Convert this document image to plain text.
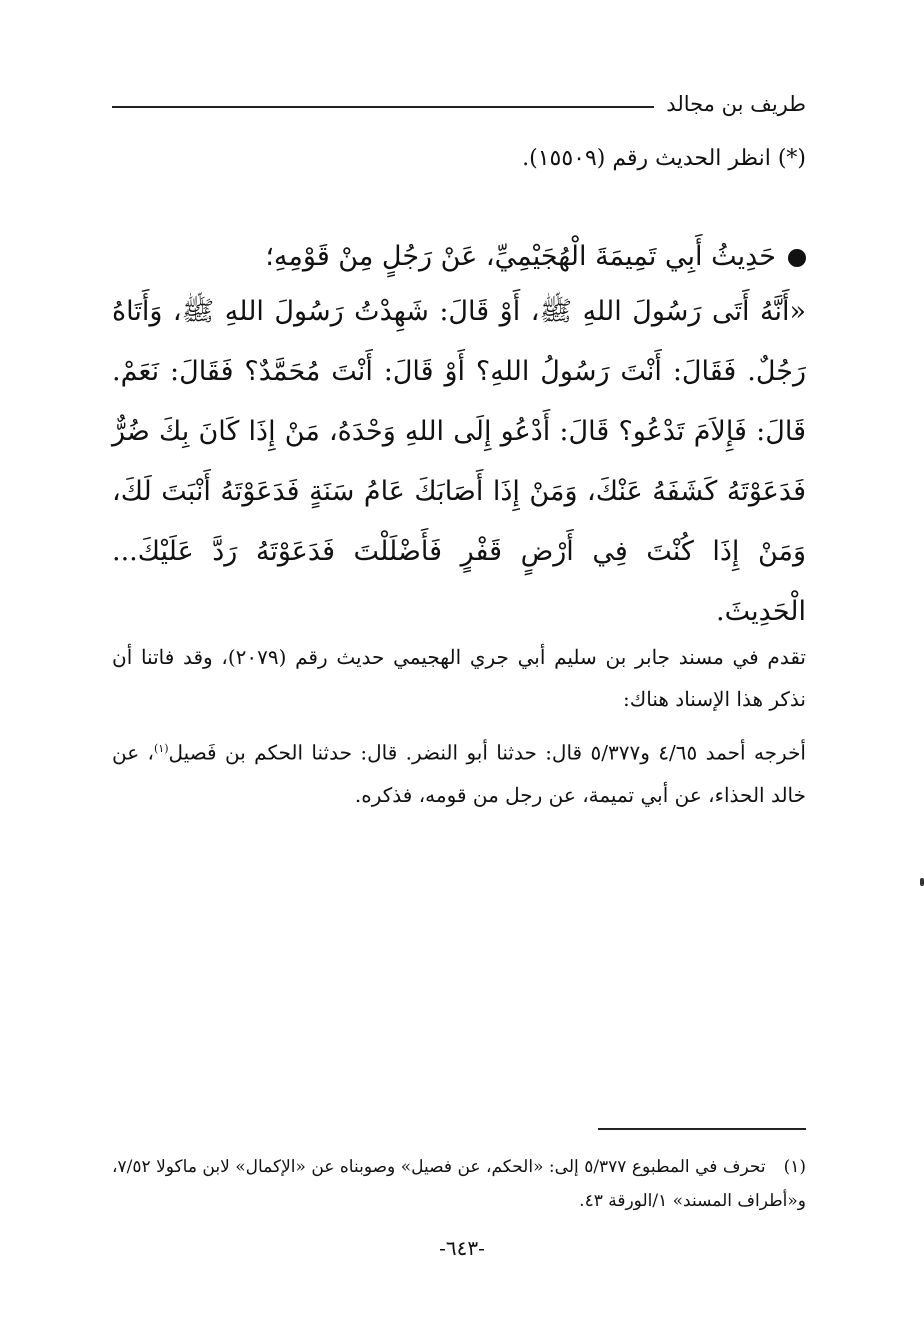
طريف بن مجالد
(*) انظر الحديث رقم (١٥٥٠٩).

حَدِيثُ أَبِي تَمِيمَةَ الْهُجَيْمِيِّ، عَنْ رَجُلٍ مِنْ قَوْمِهِ؛

«أَنَّهُ أَتَى رَسُولَ اللهِ ﷺ، أَوْ قَالَ: شَهِدْتُ رَسُولَ اللهِ ﷺ، وَأَتَاهُ رَجُلٌ. فَقَالَ: أَنْتَ رَسُولُ اللهِ؟ أَوْ قَالَ: أَنْتَ مُحَمَّدٌ؟ فَقَالَ: نَعَمْ. قَالَ: فَإِلاَمَ تَدْعُو؟ قَالَ: أَدْعُو إِلَى اللهِ وَحْدَهُ، مَنْ إِذَا كَانَ بِكَ ضُرٌّ فَدَعَوْتَهُ كَشَفَهُ عَنْكَ، وَمَنْ إِذَا أَصَابَكَ عَامُ سَنَةٍ فَدَعَوْتَهُ أَنْبَتَ لَكَ، وَمَنْ إِذَا كُنْتَ فِي أَرْضٍ قَفْرٍ فَأَضْلَلْتَ فَدَعَوْتَهُ رَدَّ عَلَيْكَ... الْحَدِيثَ.

تقدم في مسند جابر بن سليم أبي جري الهجيمي حديث رقم (٢٠٧٩)، وقد فاتنا أن نذكر هذا الإسناد هناك:

أخرجه أحمد ٤/٦٥ و٥/٣٧٧ قال: حدثنا أبو النضر. قال: حدثنا الحكم بن فَصيل$^{(١)}$، عن خالد الحذاء، عن أبي تميمة، عن رجل من قومه، فذكره.

(١)تحرف في المطبوع ٥/٣٧٧ إلى: «الحكم، عن فصيل» وصوبناه عن «الإكمال» لابن ماكولا ٧/٥٢، و«أطراف المسند» ١/الورقة ٤٣.
-٦٤٣-
